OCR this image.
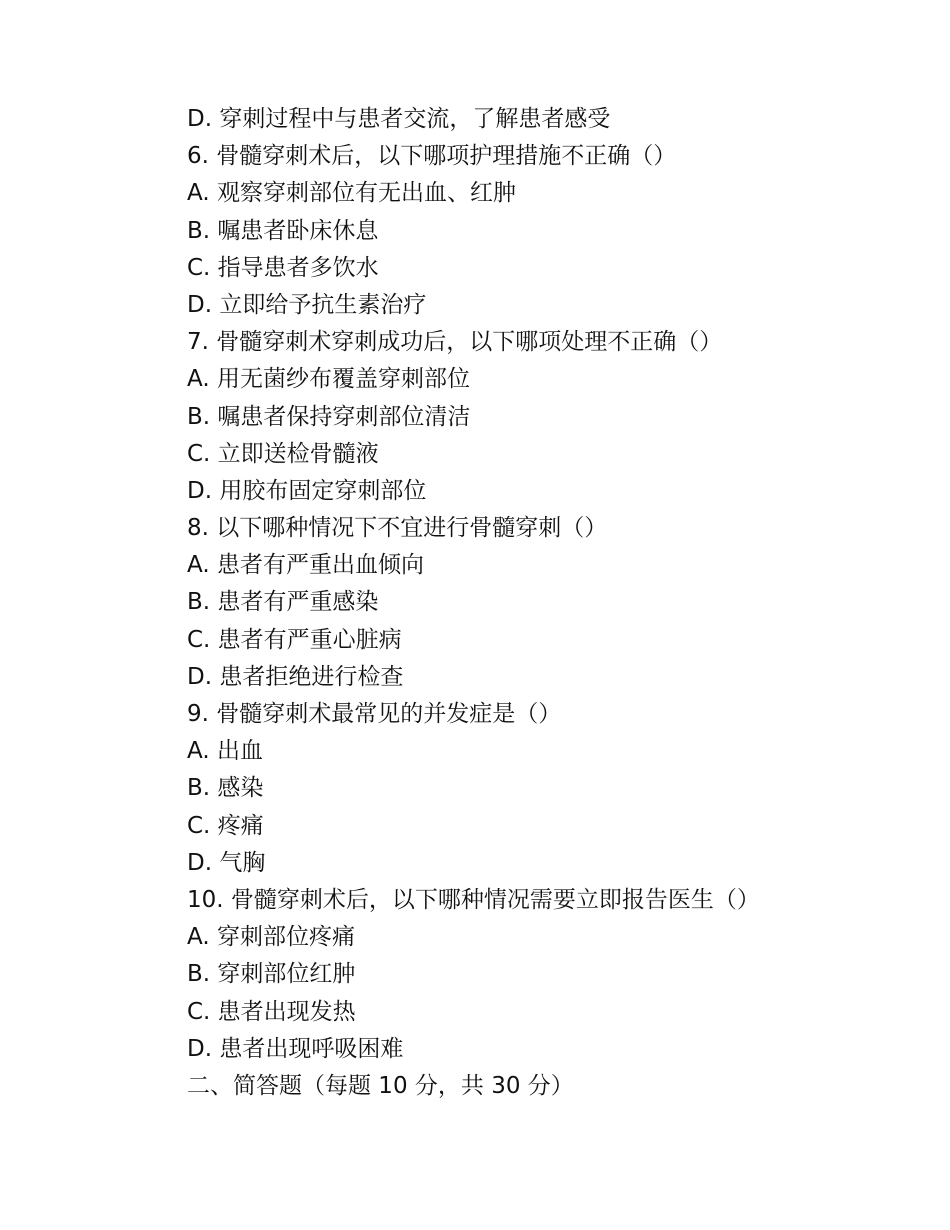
D. 穿刺过程中与患者交流，了解患者感受
6. 骨髓穿刺术后，以下哪项护理措施不正确（）
A. 观察穿刺部位有无出血、红肿
B. 嘱患者卧床休息
C. 指导患者多饮水
D. 立即给予抗生素治疗
7. 骨髓穿刺术穿刺成功后，以下哪项处理不正确（）
A. 用无菌纱布覆盖穿刺部位
B. 嘱患者保持穿刺部位清洁
C. 立即送检骨髓液
D. 用胶布固定穿刺部位
8. 以下哪种情况下不宜进行骨髓穿刺（）
A. 患者有严重出血倾向
B. 患者有严重感染
C. 患者有严重心脏病
D. 患者拒绝进行检查
9. 骨髓穿刺术最常见的并发症是（）
A. 出血
B. 感染
C. 疼痛
D. 气胸
10. 骨髓穿刺术后，以下哪种情况需要立即报告医生（）
A. 穿刺部位疼痛
B. 穿刺部位红肿
C. 患者出现发热
D. 患者出现呼吸困难
二、简答题（每题 10 分，共 30 分）
